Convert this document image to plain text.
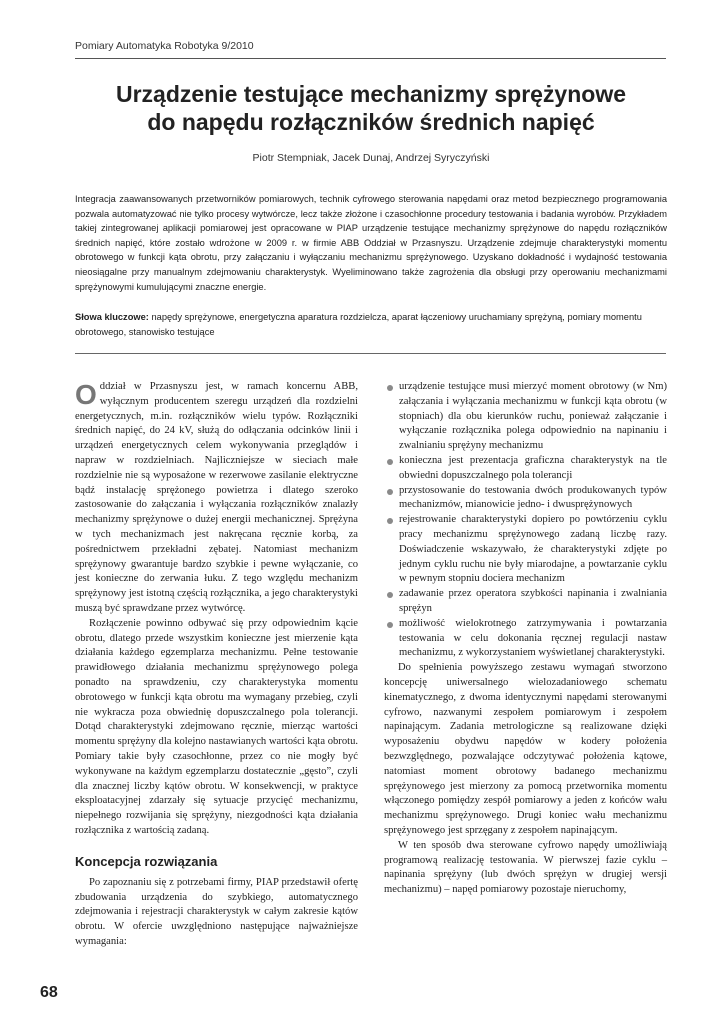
Pomiary Automatyka Robotyka 9/2010
Urządzenie testujące mechanizmy sprężynowe
do napędu rozłączników średnich napięć
Piotr Stempniak, Jacek Dunaj, Andrzej Syryczyński

Integracja zaawansowanych przetworników pomiarowych, technik cyfrowego sterowania napędami oraz metod bezpiecznego programowania pozwala automatyzować nie tylko procesy wytwórcze, lecz także złożone i czasochłonne procedury testowania i badania wyrobów. Przykładem takiej zintegrowanej aplikacji pomiarowej jest opracowane w PIAP urządzenie testujące mechanizmy sprężynowe do napędu rozłączników średnich napięć, które zostało wdrożone w 2009 r. w firmie ABB Oddział w Przasnyszu. Urządzenie zdejmuje charakterystyki momentu obrotowego w funkcji kąta obrotu, przy załączaniu i wyłączaniu mechanizmu sprężynowego. Uzyskano dokładność i wydajność testowania nieosiągalne przy manualnym zdejmowaniu charakterystyk. Wyeliminowano także zagrożenia dla obsługi przy operowaniu mechanizmami sprężynowymi kumulującymi znaczne energie.

Słowa kluczowe: napędy sprężynowe, energetyczna aparatura rozdzielcza, aparat łączeniowy uruchamiany sprężyną, pomiary momentu obrotowego, stanowisko testujące

Oddział w Przasnyszu jest, w ramach koncernu ABB, wyłącznym producentem szeregu urządzeń dla rozdzielni energetycznych, m.in. rozłączników wielu typów. Rozłączniki średnich napięć, do 24 kV, służą do odłączania odcinków linii i urządzeń energetycznych celem wykonywania przeglądów i napraw w rozdzielniach. Najliczniejsze w sieciach małe rozdzielnie nie są wyposażone w rezerwowe zasilanie elektryczne bądź instalację sprężonego powietrza i dlatego szeroko zastosowanie do załączania i wyłączania rozłączników znalazły mechanizmy sprężynowe o dużej energii mechanicznej. Sprężyna w tych mechanizmach jest nakręcana ręcznie korbą, za pośrednictwem przekładni zębatej. Natomiast mechanizm sprężynowy gwarantuje bardzo szybkie i pewne wyłączanie, co jest konieczne do zerwania łuku. Z tego względu mechanizm sprężynowy jest istotną częścią rozłącznika, a jego charakterystyki muszą być sprawdzane przez wytwórcę.

Rozłączenie powinno odbywać się przy odpowiednim kącie obrotu, dlatego przede wszystkim konieczne jest mierzenie kąta działania każdego egzemplarza mechanizmu. Pełne testowanie prawidłowego działania mechanizmu sprężynowego polega ponadto na sprawdzeniu, czy charakterystyka momentu obrotowego w funkcji kąta obrotu ma wymagany przebieg, czyli nie wykracza poza obwiednię dopuszczalnego pola tolerancji. Dotąd charakterystyki zdejmowano ręcznie, mierząc wartości momentu sprężyny dla kolejno nastawianych wartości kąta obrotu. Pomiary takie były czasochłonne, przez co nie mogły być wykonywane na każdym egzemplarzu dostatecznie „gęsto”, czyli dla znacznej liczby kątów obrotu. W konsekwencji, w praktyce eksploatacyjnej zdarzały się sytuacje przycięć mechanizmu, niepełnego rozwijania się sprężyny, niezgodności kąta działania rozłącznika z wartością zadaną.

Koncepcja rozwiązania

Po zapoznaniu się z potrzebami firmy, PIAP przedstawił ofertę zbudowania urządzenia do szybkiego, automatycznego zdejmowania i rejestracji charakterystyk w całym zakresie kątów obrotu. W ofercie uwzględniono następujące najważniejsze wymagania:

urządzenie testujące musi mierzyć moment obrotowy (w Nm) załączania i wyłączania mechanizmu w funkcji kąta obrotu (w stopniach) dla obu kierunków ruchu, ponieważ załączanie i wyłączanie rozłącznika polega odpowiednio na napinaniu i zwalnianiu sprężyny mechanizmu
konieczna jest prezentacja graficzna charakterystyk na tle obwiedni dopuszczalnego pola tolerancji
przystosowanie do testowania dwóch produkowanych typów mechanizmów, mianowicie jedno- i dwusprężynowych
rejestrowanie charakterystyki dopiero po powtórzeniu cyklu pracy mechanizmu sprężynowego zadaną liczbę razy. Doświadczenie wskazywało, że charakterystyki zdjęte po jednym cyklu ruchu nie były miarodajne, a powtarzanie cyklu w pewnym stopniu dociera mechanizm
zadawanie przez operatora szybkości napinania i zwalniania sprężyn
możliwość wielokrotnego zatrzymywania i powtarzania testowania w celu dokonania ręcznej regulacji nastaw mechanizmu, z wykorzystaniem wyświetlanej charakterystyki.

Do spełnienia powyższego zestawu wymagań stworzono koncepcję uniwersalnego wielozadaniowego schematu kinematycznego, z dwoma identycznymi napędami sterowanymi cyfrowo, nazwanymi zespołem pomiarowym i zespołem napinającym. Zadania metrologiczne są realizowane dzięki wyposażeniu obydwu napędów w kodery położenia bezwzględnego, pozwalające odczytywać położenia kątowe, natomiast moment obrotowy badanego mechanizmu sprężynowego jest mierzony za pomocą przetwornika momentu włączonego pomiędzy zespół pomiarowy a jeden z końców wału mechanizmu sprężynowego. Drugi koniec wału mechanizmu sprężynowego jest sprzęgany z zespołem napinającym.

W ten sposób dwa sterowane cyfrowo napędy umożliwiają programową realizację testowania. W pierwszej fazie cyklu – napinania sprężyny (lub dwóch sprężyn w drugiej wersji mechanizmu) – napęd pomiarowy pozostaje nieruchomy,

68
